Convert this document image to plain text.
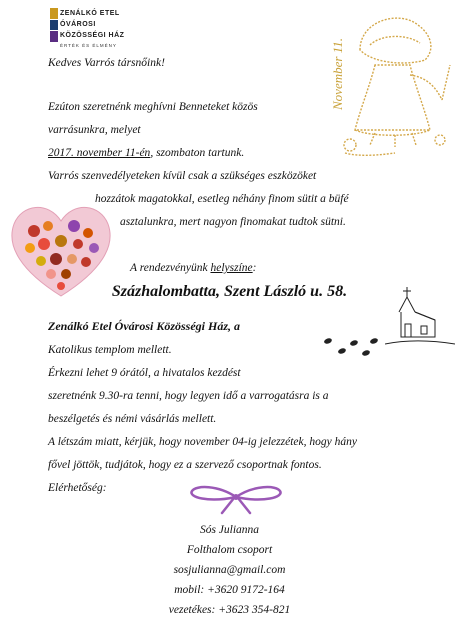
ZENÁLKÓ ETEL
ÓVÁROSI
KÖZÖSSÉGI HÁZ
ÉRTÉK ÉS ÉLMÉNY
Kedves Varrós társnőink!
Ezúton szeretnénk meghívni Benneteket közös
varrásunkra, melyet
2017. november 11-én, szombaton tartunk.
Varrós szenvedélyeteken kívül csak a szükséges eszközöket
hozzátok magatokkal, esetleg néhány finom sütit a büfé
asztalunkra, mert nagyon finomakat tudtok sütni.
A rendezvényünk helyszíne:
Százhalombatta, Szent László u. 58.
Zenálkó Etel Óvárosi Közösségi Ház, a
Katolikus templom mellett.
Érkezni lehet 9 órától, a hivatalos kezdést
szeretnénk 9.30-ra tenni, hogy legyen idő a varrogatásra is a
beszélgetés és némi vásárlás mellett.
A létszám miatt, kérjük, hogy november 04-ig jelezzétek, hogy hány
fővel jöttök, tudjátok, hogy ez a szervező csoportnak fontos.
Elérhetőség:
Sós Julianna
Folthalom csoport
sosjulianna@gmail.com
mobil: +3620 9172-164
vezetékes: +3623 354-821
November 11.
